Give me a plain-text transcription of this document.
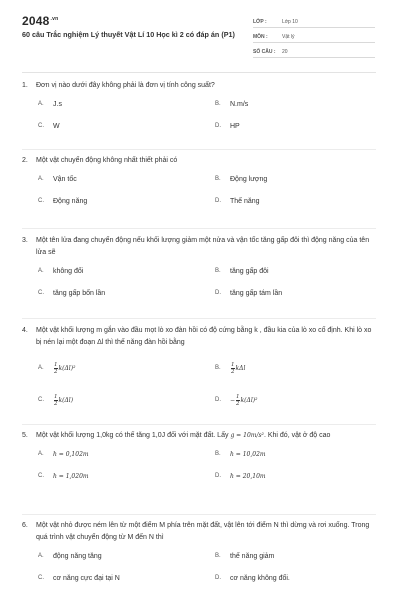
$2048^{.vn}$
60 câu Trắc nghiệm Lý thuyết Vật Lí 10 Học kì 2 có đáp án (P1)
LỚP :	Lớp 10
MÔN :	Vật lý
SỐ CÂU :	20
1.	Đơn vị nào dưới đây không phải là đơn vị tính công suất?
A.	J.s	B.	N.m/s
C.	W	D.	HP
2.	Một vật chuyển động không nhất thiết phải có
A.	Vận tốc	B.	Động lượng
C.	Động năng	D.	Thế năng
3.	Một tên lửa đang chuyển động nếu khối lượng giảm một nửa và vận tốc tăng gấp đôi thì động năng của tên lửa sẽ
A.	không đổi	B.	tăng gấp đôi
C.	tăng gấp bốn lần	D.	tăng gấp tám lần
4.	Một vật khối lượng m gắn vào đầu mọt lò xo đàn hồi có độ cứng bằng k , đầu kia của lò xo cố định. Khi lò xo bị nén lại một đoạn Δl thì thế năng đàn hồi bằng
A.	$\frac{1}{2} k(\Delta l)^2$	B.	$\frac{1}{2}$ kΔl
C.	$\frac{1}{2} k(\Delta l)$	D.	− $\frac{1}{2} k(\Delta l)^2$
5.	Một vật khối lượng 1,0kg có thế tăng 1,0J đối với mặt đất. Lấy g = 10m/s². Khi đó, vật ở độ cao
A.	h = 0,102m	B.	h = 10,02m
C.	h = 1,020m	D.	h = 20,10m
6.	Một vật nhỏ được ném lên từ một điểm M phía trên mặt đất, vật lên tới điểm N thì dừng và rơi xuống. Trong quá trình vật chuyển động từ M đến N thì
A.	động năng tăng	B.	thế năng giảm
C.	cơ năng cực đại tại N	D.	cơ năng không đổi.
